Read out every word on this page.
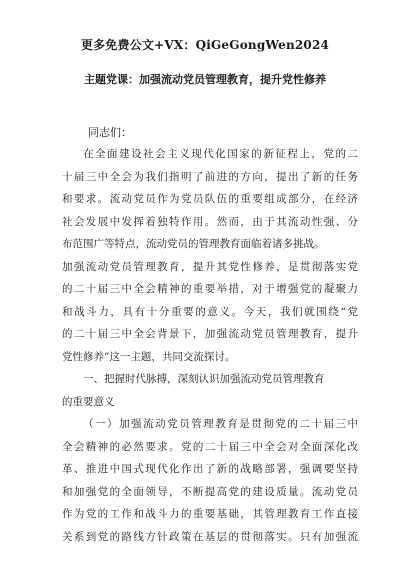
更多免费公文+VX：QiGeGongWen2024
主题党课：加强流动党员管理教育，提升党性修养
同志们：
在全面建设社会主义现代化国家的新征程上，党的二
十届三中全会为我们指明了前进的方向，提出了新的任务
和要求。流动党员作为党员队伍的重要组成部分，在经济
社会发展中发挥着独特作用。然而，由于其流动性强、分
布范围广等特点，流动党员的管理教育面临着诸多挑战。
加强流动党员管理教育，提升其党性修养，是贯彻落实党
的二十届三中全会精神的重要举措，对于增强党的凝聚力
和战斗力，具有十分重要的意义。今天，我们就围绕“党
的二十届三中全会背景下，加强流动党员管理教育，提升
党性修养”这一主题，共同交流探讨。
一、把握时代脉搏，深刻认识加强流动党员管理教育
的重要意义
（一）加强流动党员管理教育是贯彻党的二十届三中
全会精神的必然要求。党的二十届三中全会对全面深化改
革、推进中国式现代化作出了新的战略部署，强调要坚持
和加强党的全面领导，不断提高党的建设质量。流动党员
作为党的工作和战斗力的重要基础，其管理教育工作直接
关系到党的路线方针政策在基层的贯彻落实。只有加强流
